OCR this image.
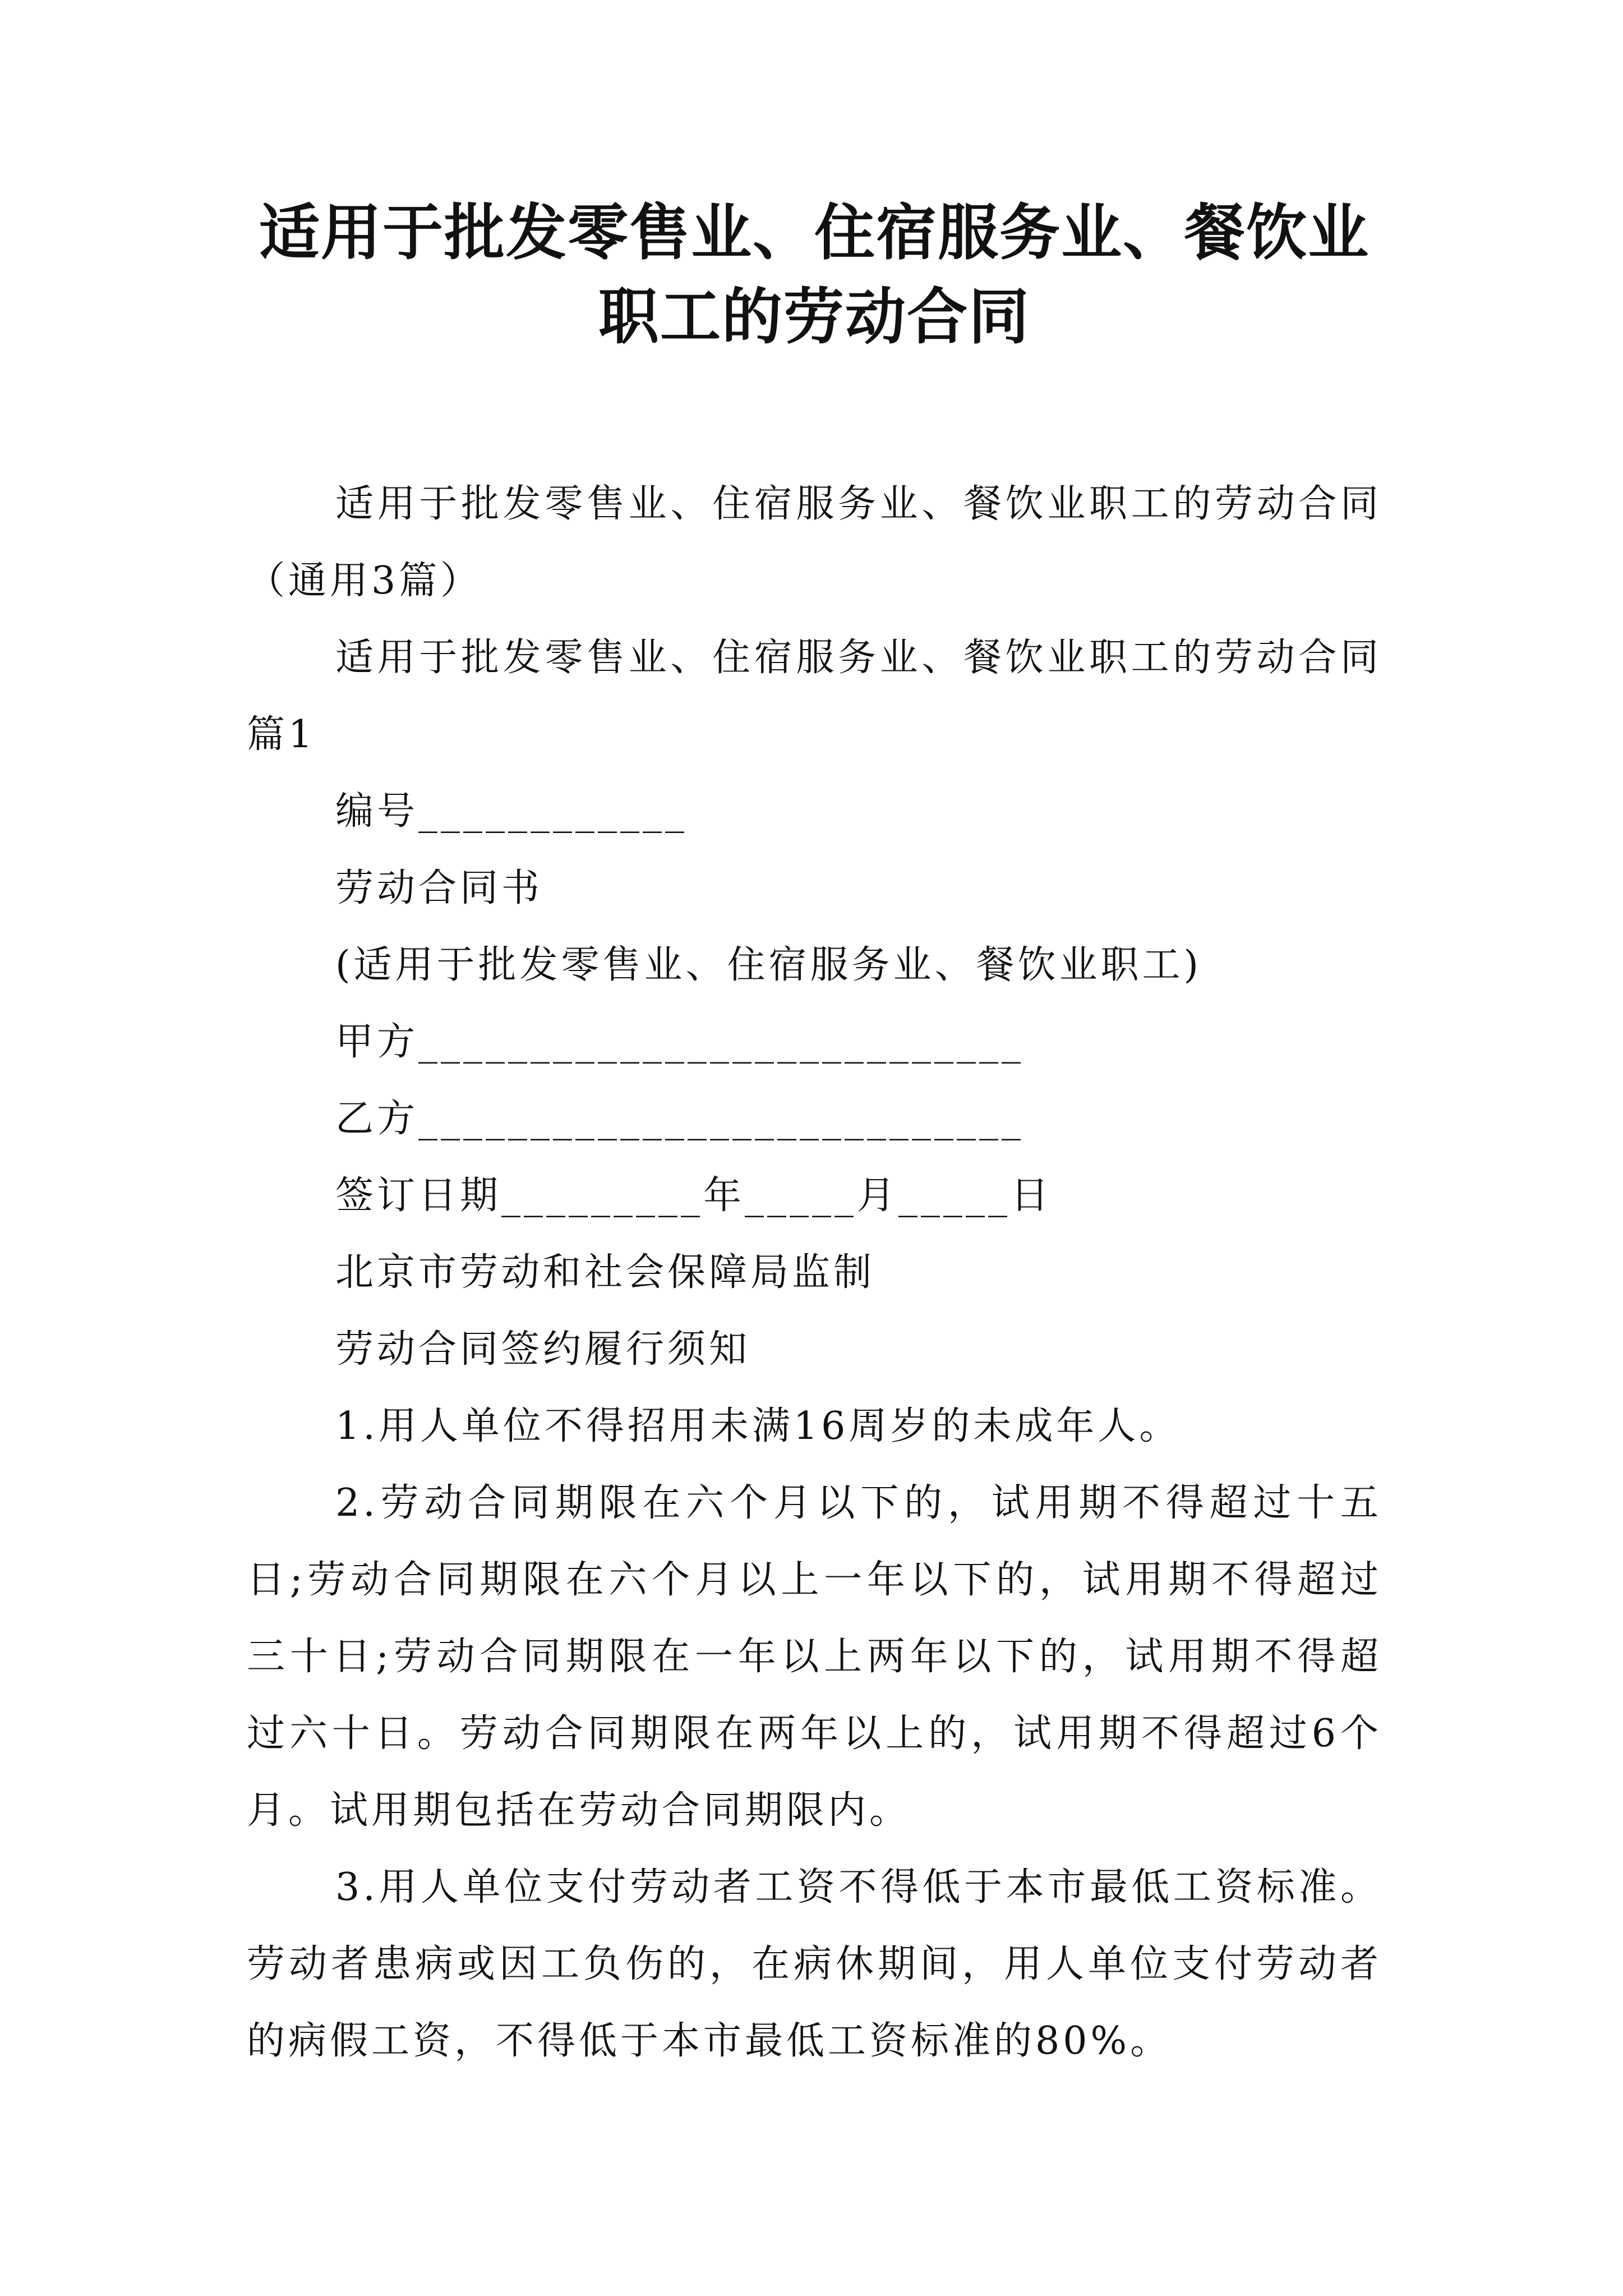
适用于批发零售业、住宿服务业、餐饮业职工的劳动合同

适用于批发零售业、住宿服务业、餐饮业职工的劳动合同（通用3篇）

适用于批发零售业、住宿服务业、餐饮业职工的劳动合同 篇1

编号____________

劳动合同书

(适用于批发零售业、住宿服务业、餐饮业职工)

甲方___________________________

乙方___________________________

签订日期_________年_____月_____日

北京市劳动和社会保障局监制

劳动合同签约履行须知

1.用人单位不得招用未满16周岁的未成年人。

2.劳动合同期限在六个月以下的，试用期不得超过十五日;劳动合同期限在六个月以上一年以下的，试用期不得超过三十日;劳动合同期限在一年以上两年以下的，试用期不得超过六十日。劳动合同期限在两年以上的，试用期不得超过6个月。试用期包括在劳动合同期限内。

3.用人单位支付劳动者工资不得低于本市最低工资标准。劳动者患病或因工负伤的，在病休期间，用人单位支付劳动者的病假工资，不得低于本市最低工资标准的80%。
